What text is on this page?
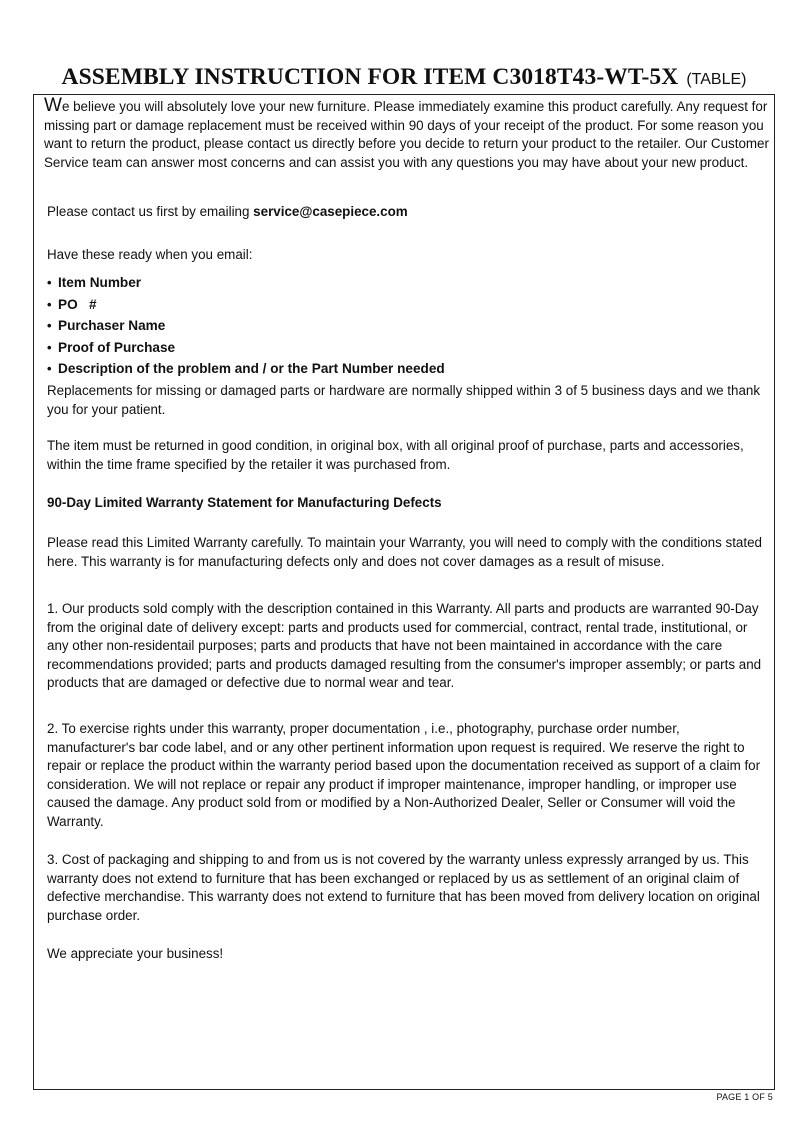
ASSEMBLY INSTRUCTION FOR ITEM C3018T43-WT-5X (TABLE)

We believe you will absolutely love your new furniture. Please immediately examine this product carefully. Any request for missing part or damage replacement must be received within 90 days of your receipt of the product. For some reason you want to return the product, please contact us directly before you decide to return your product to the retailer. Our Customer Service team can answer most concerns and can assist you with any questions you may have about your new product.

Please contact us first by emailing service@casepiece.com

Have these ready when you email:

• Item Number
• PO   #
• Purchaser Name
• Proof of Purchase
• Description of the problem and / or the Part Number needed

Replacements for missing or damaged parts or hardware are normally shipped within 3 of 5 business days and we thank you for your patient.

The item must be returned in good condition, in original box, with all original proof of purchase, parts and accessories, within the time frame specified by the retailer it was purchased from.

90-Day Limited Warranty Statement for Manufacturing Defects

Please read this Limited Warranty carefully. To maintain your Warranty, you will need to comply with the conditions stated here. This warranty is for manufacturing defects only and does not cover damages as a result of misuse.

1. Our products sold comply with the description contained in this Warranty. All parts and products are warranted 90-Day from the original date of delivery except: parts and products used for commercial, contract, rental trade, institutional, or any other non-residentail purposes; parts and products that have not been maintained in accordance with the care recommendations provided; parts and products damaged resulting from the consumer's improper assembly; or parts and products that are damaged or defective due to normal wear and tear.

2. To exercise rights under this warranty, proper documentation , i.e., photography, purchase order number, manufacturer's bar code label, and or any other pertinent information upon request is required. We reserve the right to repair or replace the product within the warranty period based upon the documentation received as support of a claim for consideration. We will not replace or repair any product if improper maintenance, improper handling, or improper use caused the damage. Any product sold from or modified by a Non-Authorized Dealer, Seller or Consumer will void the Warranty.

3. Cost of packaging and shipping to and from us is not covered by the warranty unless expressly arranged by us. This warranty does not extend to furniture that has been exchanged or replaced by us as settlement of an original claim of defective merchandise. This warranty does not extend to furniture that has been moved from delivery location on original purchase order.

We appreciate your business!

PAGE 1 OF 5
